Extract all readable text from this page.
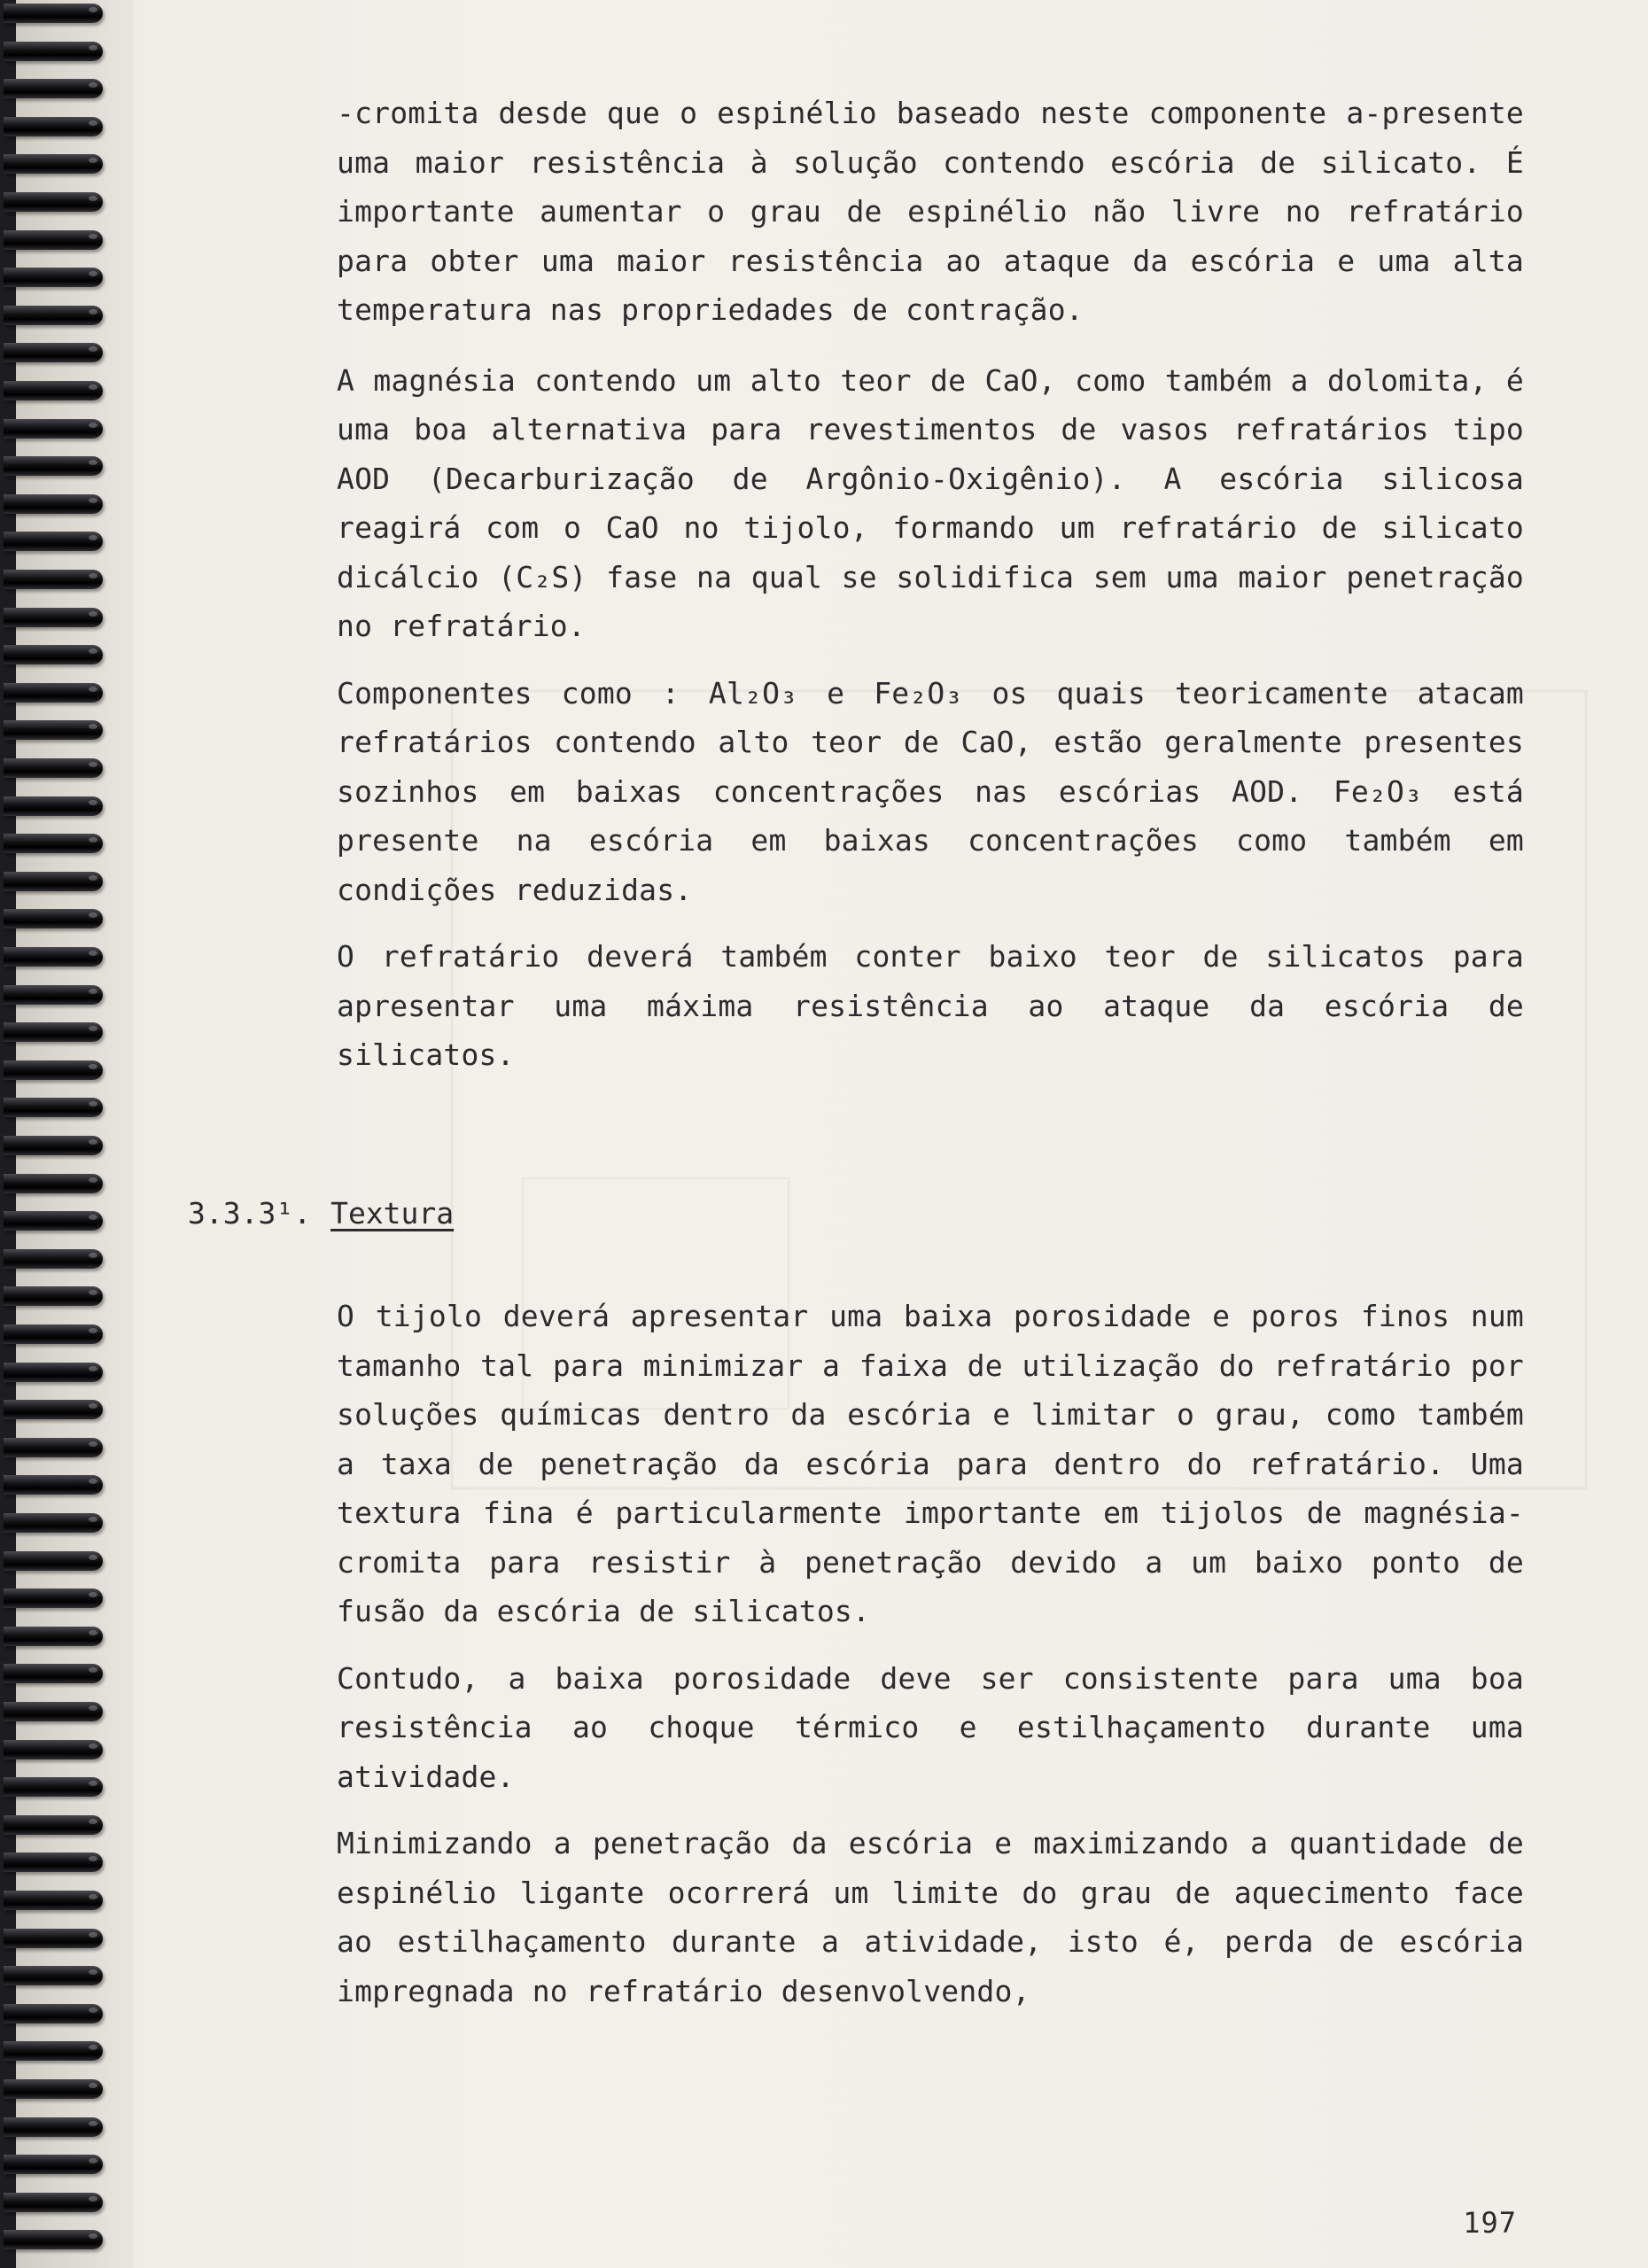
-cromita desde que o espinélio baseado neste componente a-presente uma maior resistência à solução contendo escória de silicato. É importante aumentar o grau de espinélio não livre no refratário para obter uma maior resistência ao ataque da escória e uma alta temperatura nas propriedades de contração.

A magnésia contendo um alto teor de CaO, como também a dolomita, é uma boa alternativa para revestimentos de vasos refratários tipo AOD (Decarburização de Argônio-Oxigênio). A escória silicosa reagirá com o CaO no tijolo, formando um refratário de silicato dicálcio (C₂S) fase na qual se solidifica sem uma maior penetração no refratário.

Componentes como : Al₂O₃ e Fe₂O₃ os quais teoricamente atacam refratários contendo alto teor de CaO, estão geralmente presentes sozinhos em baixas concentrações nas escórias AOD. Fe₂O₃ está presente na escória em baixas concentrações como também em condições reduzidas.

O refratário deverá também conter baixo teor de silicatos para apresentar uma máxima resistência ao ataque da escória de silicatos.

3.3.3¹. Textura

O tijolo deverá apresentar uma baixa porosidade e poros finos num tamanho tal para minimizar a faixa de utilização do refratário por soluções químicas dentro da escória e limitar o grau, como também a taxa de penetração da escória para dentro do refratário. Uma textura fina é particularmente importante em tijolos de magnésia-cromita para resistir à penetração devido a um baixo ponto de fusão da escória de silicatos.

Contudo, a baixa porosidade deve ser consistente para uma boa resistência ao choque térmico e estilhaçamento durante uma atividade.

Minimizando a penetração da escória e maximizando a quantidade de espinélio ligante ocorrerá um limite do grau de aquecimento face ao estilhaçamento durante a atividade, isto é, perda de escória impregnada no refratário desenvolvendo,

197
